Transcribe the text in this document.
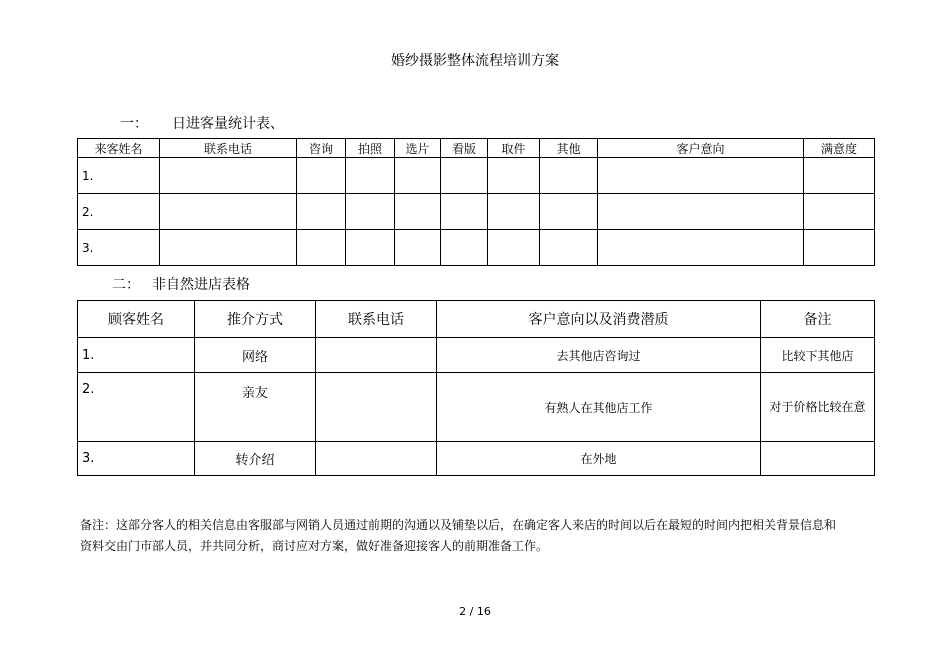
婚纱摄影整体流程培训方案
一： 日进客量统计表、
来客姓名	联系电话	咨询	拍照	选片	看版	取件	其他	客户意向	满意度
1.									
2.									
3.									
二： 非自然进店表格
顾客姓名	推介方式	联系电话	客户意向以及消费潜质	备注
1.	网络		去其他店咨询过	比较下其他店
2.	亲友		有熟人在其他店工作	对于价格比较在意
3.	转介绍		在外地	
备注：这部分客人的相关信息由客服部与网销人员通过前期的沟通以及铺垫以后，在确定客人来店的时间以后在最短的时间内把相关背景信息和资料交由门市部人员，并共同分析，商讨应对方案，做好准备迎接客人的前期准备工作。
2 / 16
